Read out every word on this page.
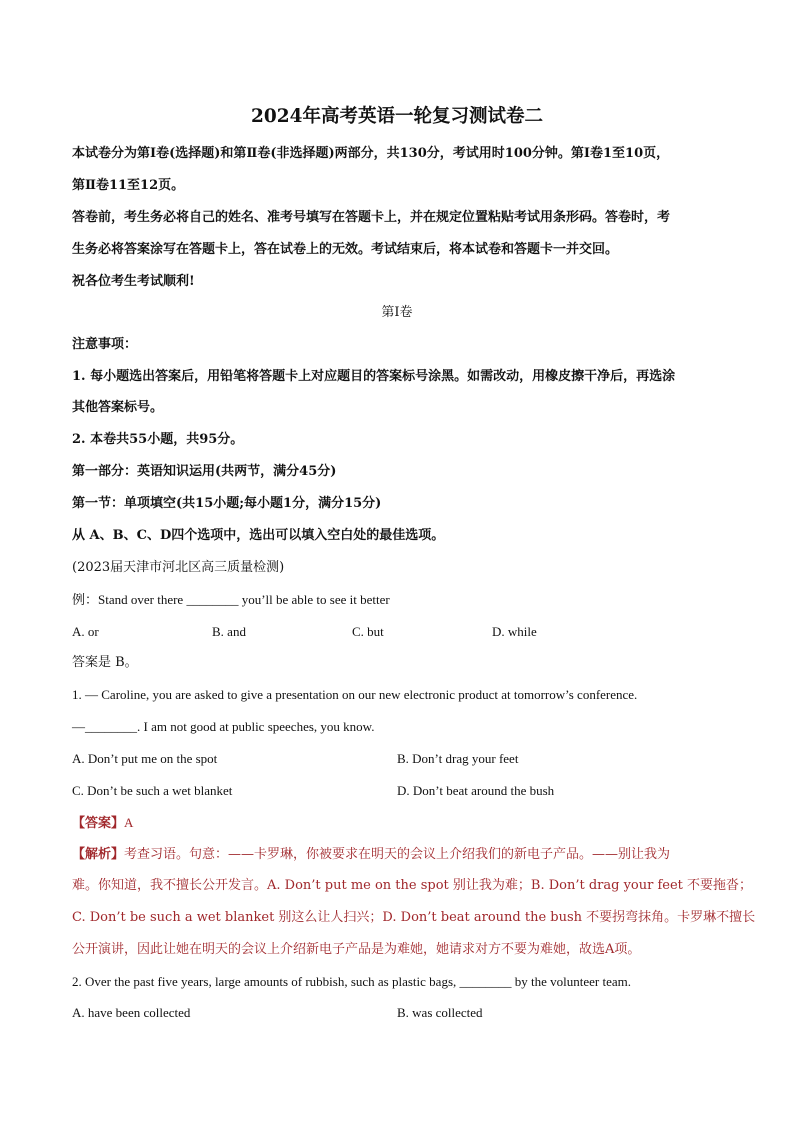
2024年高考英语一轮复习测试卷二
本试卷分为第Ⅰ卷(选择题)和第Ⅱ卷(非选择题)两部分，共130分，考试用时100分钟。第Ⅰ卷1至10页，
第Ⅱ卷11至12页。
答卷前，考生务必将自己的姓名、准考号填写在答题卡上，并在规定位置粘贴考试用条形码。答卷时，考
生务必将答案涂写在答题卡上，答在试卷上的无效。考试结束后，将本试卷和答题卡一并交回。
祝各位考生考试顺利!
第Ⅰ卷
注意事项：
1. 每小题选出答案后，用铅笔将答题卡上对应题目的答案标号涂黑。如需改动，用橡皮擦干净后，再选涂
其他答案标号。
2. 本卷共55小题，共95分。
第一部分：英语知识运用(共两节，满分45分)
第一节：单项填空(共15小题;每小题1分，满分15分)
从 A、B、C、D四个选项中，选出可以填入空白处的最佳选项。
(2023届天津市河北区高三质量检测)
例：Stand over there ________ you’ll be able to see it better
A. or	B. and	C. but	D. while
答案是 B。
1. — Caroline, you are asked to give a presentation on our new electronic product at tomorrow’s conference.
—________. I am not good at public speeches, you know.
A. Don’t put me on the spot	B. Don’t drag your feet
C. Don’t be such a wet blanket	D. Don’t beat around the bush
【答案】A
【解析】考查习语。句意：——卡罗琳，你被要求在明天的会议上介绍我们的新电子产品。——别让我为
难。你知道，我不擅长公开发言。A. Don’t put me on the spot 别让我为难；B. Don’t drag your feet 不要拖沓；
C. Don’t be such a wet blanket 别这么让人扫兴；D. Don’t beat around the bush 不要拐弯抹角。卡罗琳不擅长
公开演讲，因此让她在明天的会议上介绍新电子产品是为难她，她请求对方不要为难她，故选A项。
2. Over the past five years, large amounts of rubbish, such as plastic bags, ________ by the volunteer team.
A. have been collected	B. was collected
